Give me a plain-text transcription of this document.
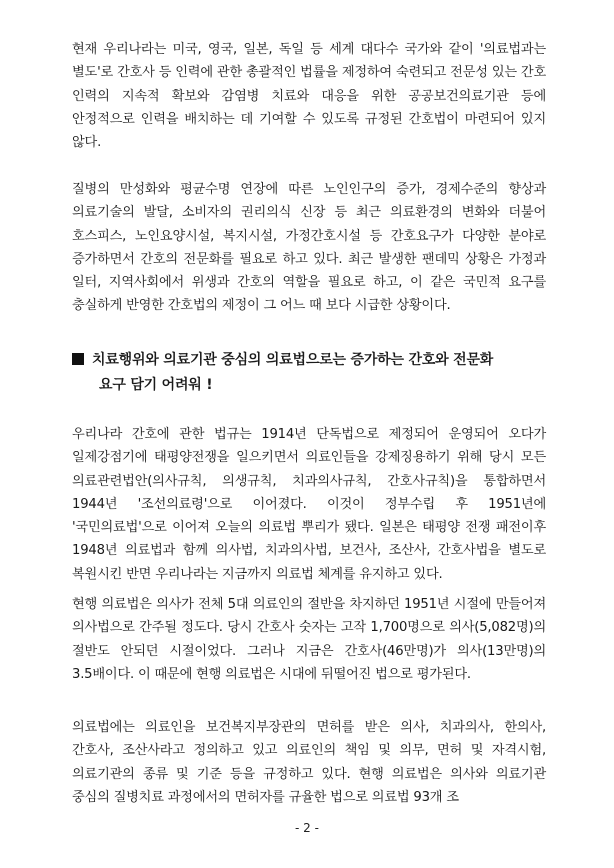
현재 우리나라는 미국, 영국, 일본, 독일 등 세계 대다수 국가와 같이 '의료법과는 별도'로 간호사 등 인력에 관한 총괄적인 법률을 제정하여 숙련되고 전문성 있는 간호 인력의 지속적 확보와 감염병 치료와 대응을 위한 공공보건의료기관 등에 안정적으로 인력을 배치하는 데 기여할 수 있도록 규정된 간호법이 마련되어 있지 않다.

질병의 만성화와 평균수명 연장에 따른 노인인구의 증가, 경제수준의 향상과 의료기술의 발달, 소비자의 권리의식 신장 등 최근 의료환경의 변화와 더불어 호스피스, 노인요양시설, 복지시설, 가정간호시설 등 간호요구가 다양한 분야로 증가하면서 간호의 전문화를 필요로 하고 있다. 최근 발생한 팬데믹 상황은 가정과 일터, 지역사회에서 위생과 간호의 역할을 필요로 하고, 이 같은 국민적 요구를 충실하게 반영한 간호법의 제정이 그 어느 때 보다 시급한 상황이다.

치료행위와 의료기관 중심의 의료법으로는 증가하는 간호와 전문화
요구 담기 어려워 !

우리나라 간호에 관한 법규는 1914년 단독법으로 제정되어 운영되어 오다가 일제강점기에 태평양전쟁을 일으키면서 의료인들을 강제징용하기 위해 당시 모든 의료관련법안(의사규칙, 의생규칙, 치과의사규칙, 간호사규칙)을 통합하면서 1944년 '조선의료령'으로 이어졌다. 이것이 정부수립 후 1951년에 '국민의료법'으로 이어져 오늘의 의료법 뿌리가 됐다. 일본은 태평양 전쟁 패전이후 1948년 의료법과 함께 의사법, 치과의사법, 보건사, 조산사, 간호사법을 별도로 복원시킨 반면 우리나라는 지금까지 의료법 체계를 유지하고 있다.

현행 의료법은 의사가 전체 5대 의료인의 절반을 차지하던 1951년 시절에 만들어져 의사법으로 간주될 정도다. 당시 간호사 숫자는 고작 1,700명으로 의사(5,082명)의 절반도 안되던 시절이었다. 그러나 지금은 간호사(46만명)가 의사(13만명)의 3.5배이다. 이 때문에 현행 의료법은 시대에 뒤떨어진 법으로 평가된다.

의료법에는 의료인을 보건복지부장관의 면허를 받은 의사, 치과의사, 한의사, 간호사, 조산사라고 정의하고 있고 의료인의 책임 및 의무, 면허 및 자격시험, 의료기관의 종류 및 기준 등을 규정하고 있다. 현행 의료법은 의사와 의료기관 중심의 질병치료 과정에서의 면허자를 규율한 법으로 의료법 93개 조

- 2 -
